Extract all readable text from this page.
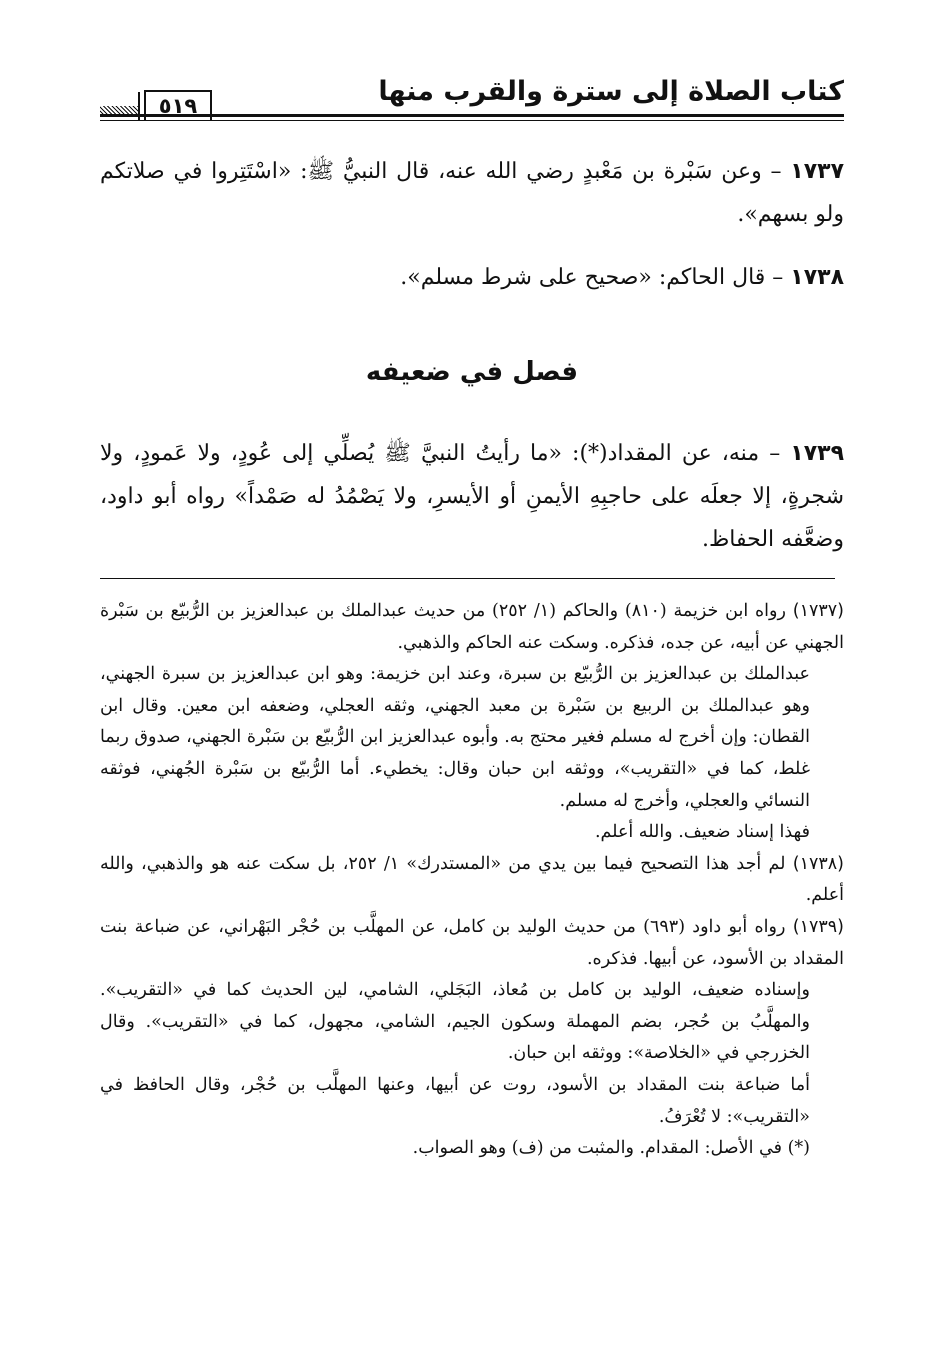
كتاب الصلاة إلى سترة والقرب منها
٥١٩

١٧٣٧ – وعن سَبْرة بن مَعْبدٍ رضي الله عنه، قال النبيُّ ﷺ: «اسْتَتِروا في صلاتكم ولو بسهم».

١٧٣٨ – قال الحاكم: «صحيح على شرط مسلم».

فصل في ضعيفه

١٧٣٩ – منه، عن المقداد(*): «ما رأيتُ النبيَّ ﷺ يُصلِّي إلى عُودٍ، ولا عَمودٍ، ولا شجرةٍ، إلا جعلَه على حاجبِهِ الأيمنِ أو الأيسرِ، ولا يَصْمُدُ له صَمْداً» رواه أبو داود، وضعَّفه الحفاظ.

(١٧٣٧) رواه ابن خزيمة (٨١٠) والحاكم (١/ ٢٥٢) من حديث عبدالملك بن عبدالعزيز بن الرُّبيّع بن سَبْرة الجهني عن أبيه، عن جده، فذكره. وسكت عنه الحاكم والذهبي.

عبدالملك بن عبدالعزيز بن الرُّبيّع بن سبرة، وعند ابن خزيمة: وهو ابن عبدالعزيز بن سبرة الجهني، وهو عبدالملك بن الربيع بن سَبْرة بن معبد الجهني، وثقه العجلي، وضعفه ابن معين. وقال ابن القطان: وإن أخرج له مسلم فغير محتج به. وأبوه عبدالعزيز ابن الرُّبيّع بن سَبْرة الجهني، صدوق ربما غلط، كما في «التقريب»، ووثقه ابن حبان وقال: يخطيء. أما الرُّبيّع بن سَبْرة الجُهني، فوثقه النسائي والعجلي، وأخرج له مسلم.

فهذا إسناد ضعيف. والله أعلم.

(١٧٣٨) لم أجد هذا التصحيح فيما بين يدي من «المستدرك» ١/ ٢٥٢، بل سكت عنه هو والذهبي، والله أعلم.

(١٧٣٩) رواه أبو داود (٦٩٣) من حديث الوليد بن كامل، عن المهلَّب بن حُجْر البَهْراني، عن ضباعة بنت المقداد بن الأسود، عن أبيها. فذكره.

وإسناده ضعيف، الوليد بن كامل بن مُعاذ، البَجَلي، الشامي، لين الحديث كما في «التقريب». والمهلَّبُ بن حُجر، بضم المهملة وسكون الجيم، الشامي، مجهول، كما في «التقريب». وقال الخزرجي في «الخلاصة»: ووثقه ابن حبان.

أما ضباعة بنت المقداد بن الأسود، روت عن أبيها، وعنها المهلَّب بن حُجْر، وقال الحافظ في «التقريب»: لا تُعْرَفُ.

(*) في الأصل: المقدام. والمثبت من (ف) وهو الصواب.
